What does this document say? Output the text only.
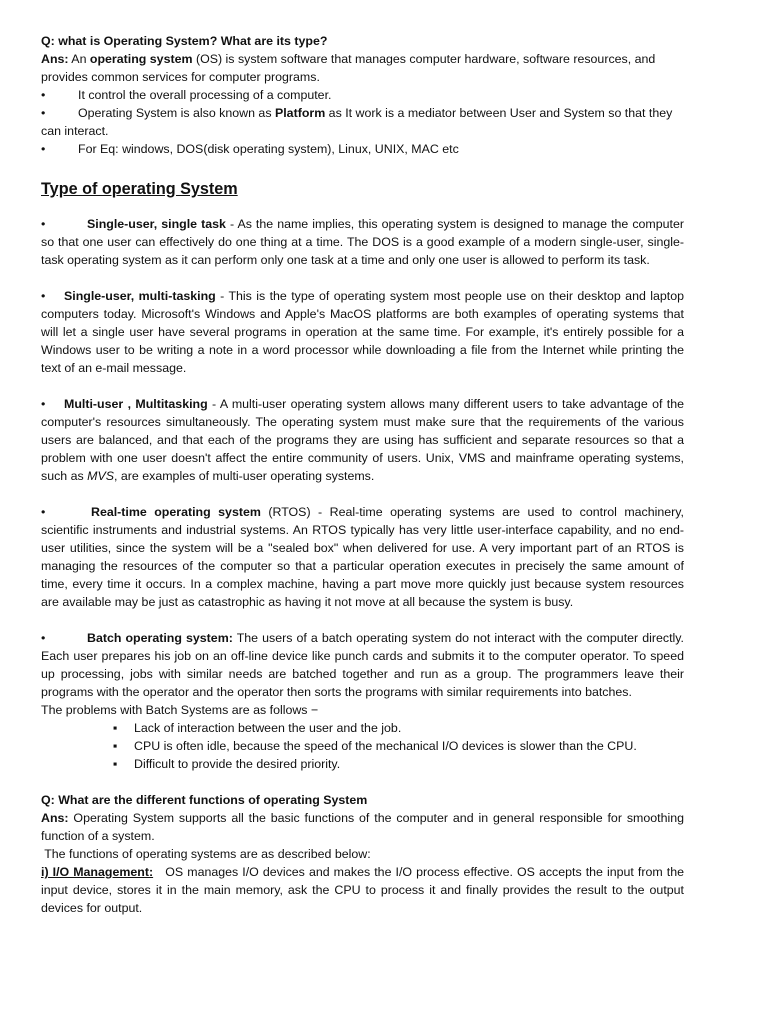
Q: what is Operating System? What are its type?

Ans: An operating system (OS) is system software that manages computer hardware, software resources, and provides common services for computer programs.

•	It control the overall processing of a computer.

•	Operating System is also known as Platform as It work is a mediator between User and System so that they can interact.

•	For Eq: windows, DOS(disk operating system), Linux, UNIX, MAC etc

Type of operating System

•	Single-user, single task - As the name implies, this operating system is designed to manage the computer so that one user can effectively do one thing at a time. The DOS is a good example of a modern single-user, single-task operating system as it can perform only one task at a time and only one user is allowed to perform its task.

• Single-user, multi-tasking - This is the type of operating system most people use on their desktop and laptop computers today. Microsoft's Windows and Apple's MacOS platforms are both examples of operating systems that will let a single user have several programs in operation at the same time. For example, it's entirely possible for a Windows user to be writing a note in a word processor while downloading a file from the Internet while printing the text of an e-mail message.

• Multi-user , Multitasking - A multi-user operating system allows many different users to take advantage of the computer's resources simultaneously. The operating system must make sure that the requirements of the various users are balanced, and that each of the programs they are using has sufficient and separate resources so that a problem with one user doesn't affect the entire community of users. Unix, VMS and mainframe operating systems, such as MVS, are examples of multi-user operating systems.

•	Real-time operating system (RTOS) - Real-time operating systems are used to control machinery, scientific instruments and industrial systems. An RTOS typically has very little user-interface capability, and no end-user utilities, since the system will be a "sealed box" when delivered for use. A very important part of an RTOS is managing the resources of the computer so that a particular operation executes in precisely the same amount of time, every time it occurs. In a complex machine, having a part move more quickly just because system resources are available may be just as catastrophic as having it not move at all because the system is busy.

•	Batch operating system: The users of a batch operating system do not interact with the computer directly. Each user prepares his job on an off-line device like punch cards and submits it to the computer operator. To speed up processing, jobs with similar needs are batched together and run as a group. The programmers leave their programs with the operator and the operator then sorts the programs with similar requirements into batches.

The problems with Batch Systems are as follows −

▪ Lack of interaction between the user and the job.

▪ CPU is often idle, because the speed of the mechanical I/O devices is slower than the CPU.

▪ Difficult to provide the desired priority.

Q: What are the different functions of operating System

Ans: Operating System supports all the basic functions of the computer and in general responsible for smoothing function of a system.

The functions of operating systems are as described below:

i) I/O Management:   OS manages I/O devices and makes the I/O process effective. OS accepts the input from the input device, stores it in the main memory, ask the CPU to process it and finally provides the result to the output devices for output.
